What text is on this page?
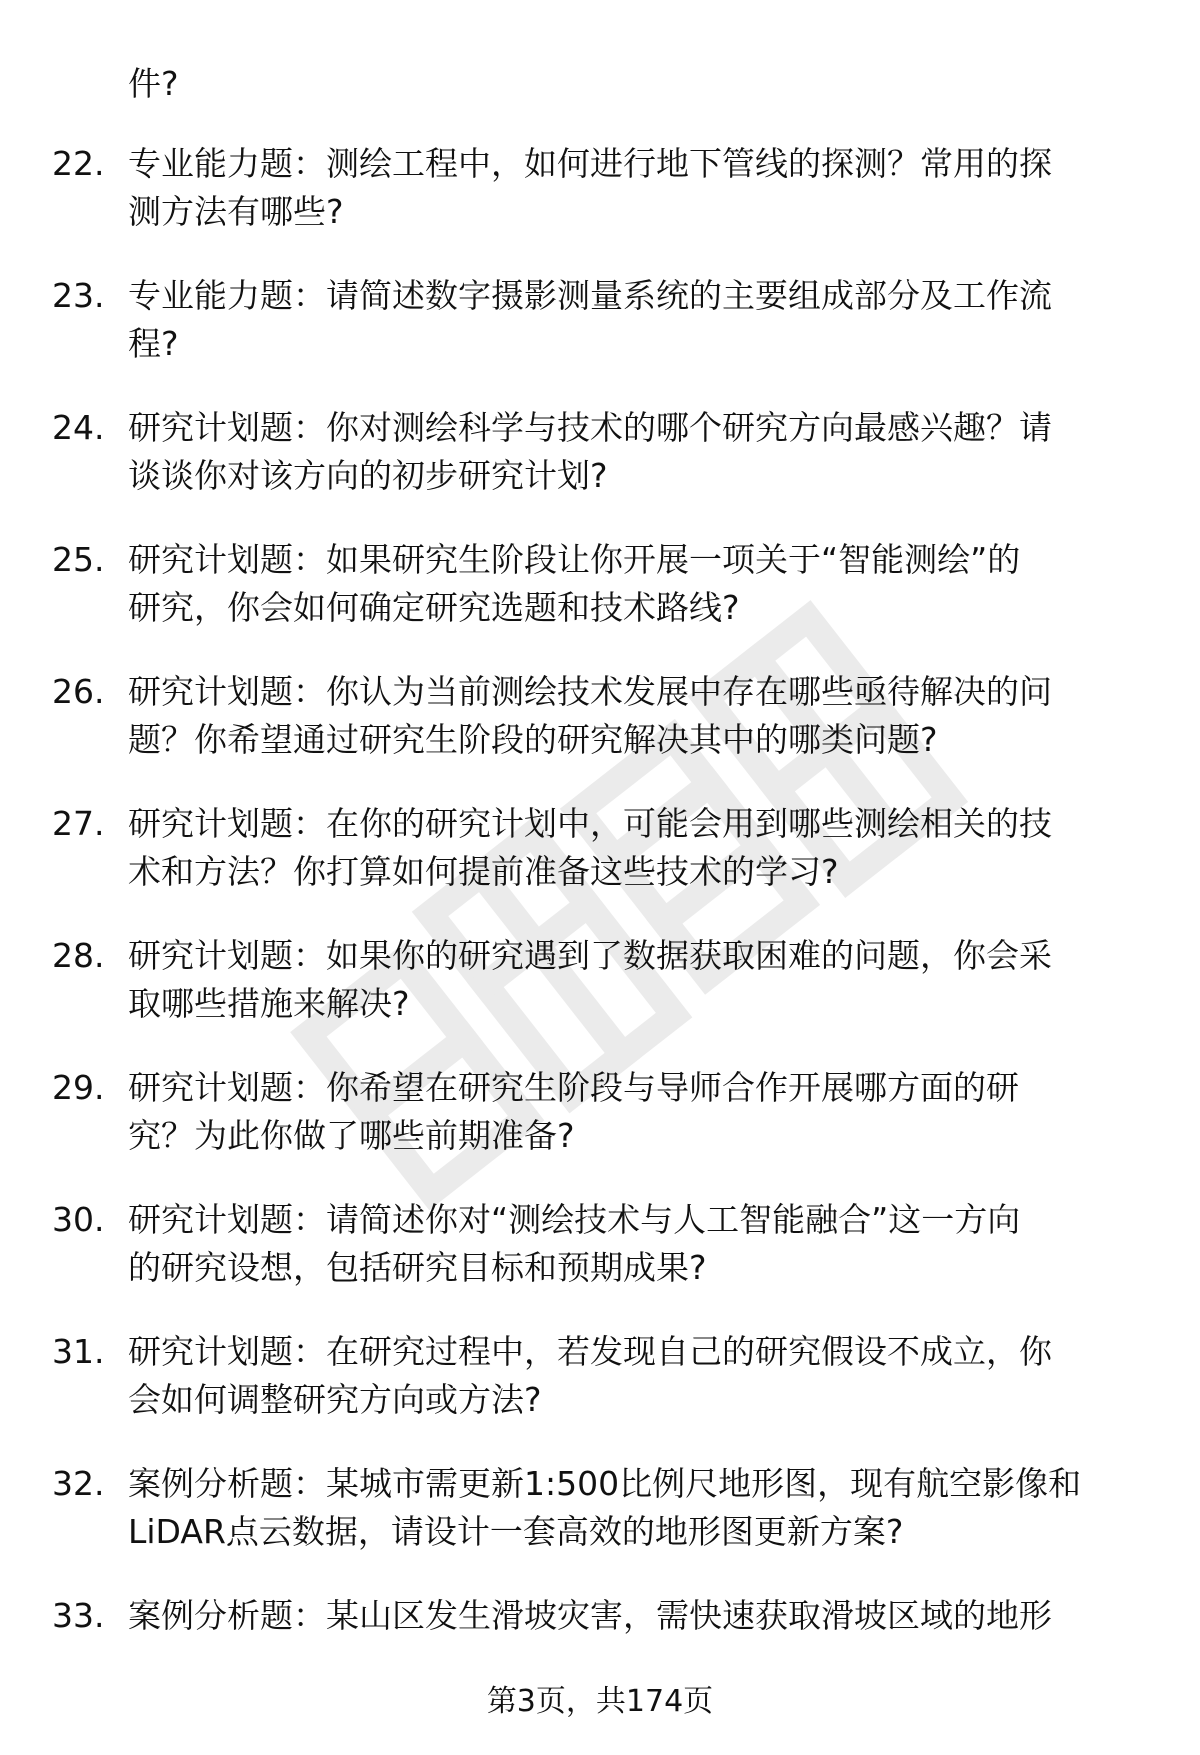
件?
22. 专业能力题：测绘工程中，如何进行地下管线的探测？常用的探
测方法有哪些?
23. 专业能力题：请简述数字摄影测量系统的主要组成部分及工作流
程?
24. 研究计划题：你对测绘科学与技术的哪个研究方向最感兴趣？请
谈谈你对该方向的初步研究计划?
25. 研究计划题：如果研究生阶段让你开展一项关于“智能测绘”的
研究，你会如何确定研究选题和技术路线?
26. 研究计划题：你认为当前测绘技术发展中存在哪些亟待解决的问
题？你希望通过研究生阶段的研究解决其中的哪类问题?
27. 研究计划题：在你的研究计划中，可能会用到哪些测绘相关的技
术和方法？你打算如何提前准备这些技术的学习?
28. 研究计划题：如果你的研究遇到了数据获取困难的问题，你会采
取哪些措施来解决?
29. 研究计划题：你希望在研究生阶段与导师合作开展哪方面的研
究？为此你做了哪些前期准备?
30. 研究计划题：请简述你对“测绘技术与人工智能融合”这一方向
的研究设想，包括研究目标和预期成果?
31. 研究计划题：在研究过程中，若发现自己的研究假设不成立，你
会如何调整研究方向或方法?
32. 案例分析题：某城市需更新1:500比例尺地形图，现有航空影像和
LiDAR点云数据，请设计一套高效的地形图更新方案?
33. 案例分析题：某山区发生滑坡灾害，需快速获取滑坡区域的地形
第3页，共174页
